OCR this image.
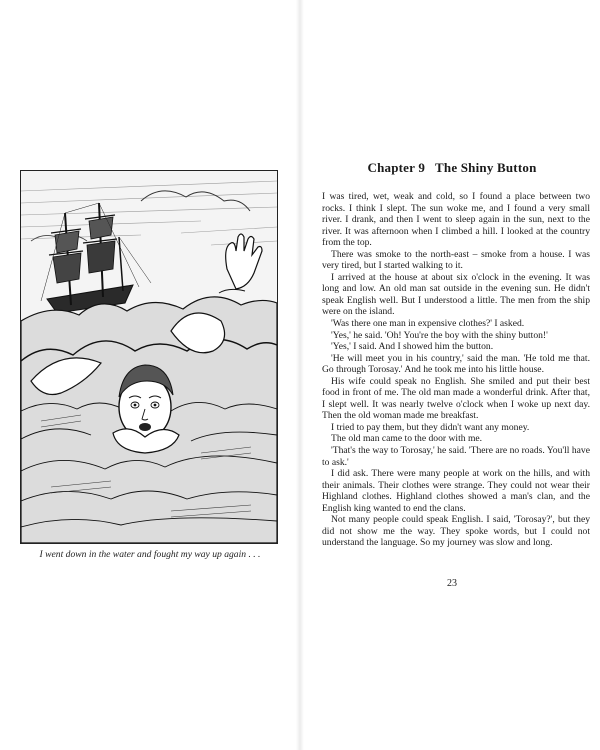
I went down in the water and fought my way up again . . .
Chapter 9 The Shiny Button

I was tired, wet, weak and cold, so I found a place between two rocks. I think I slept. The sun woke me, and I found a very small river. I drank, and then I went to sleep again in the sun, next to the river. It was afternoon when I climbed a hill. I looked at the country from the top.

There was smoke to the north-east – smoke from a house. I was very tired, but I started walking to it.

I arrived at the house at about six o'clock in the evening. It was long and low. An old man sat outside in the evening sun. He didn't speak English well. But I understood a little. The men from the ship were on the island.

'Was there one man in expensive clothes?' I asked.

'Yes,' he said. 'Oh! You're the boy with the shiny button!'

'Yes,' I said. And I showed him the button.

'He will meet you in his country,' said the man. 'He told me that. Go through Torosay.' And he took me into his little house.

His wife could speak no English. She smiled and put their best food in front of me. The old man made a wonderful drink. After that, I slept well. It was nearly twelve o'clock when I woke up next day. Then the old woman made me breakfast.

I tried to pay them, but they didn't want any money.

The old man came to the door with me.

'That's the way to Torosay,' he said. 'There are no roads. You'll have to ask.'

I did ask. There were many people at work on the hills, and with their animals. Their clothes were strange. They could not wear their Highland clothes. Highland clothes showed a man's clan, and the English king wanted to end the clans.

Not many people could speak English. I said, 'Torosay?', but they did not show me the way. They spoke words, but I could not understand the language. So my journey was slow and long.

23
